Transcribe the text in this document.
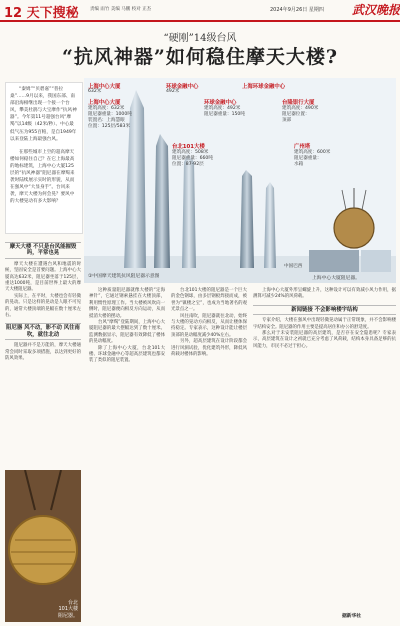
12 天下搜秘	责编 雨竹 美编 马鹏 校对 正杰	2024年9月26日 星期四 武汉晚报
“硬刚”14级台风
“抗风神器”如何稳住摩天大楼?

“秦姆”“贝碧嘉”“普拉桑”……9月以来，我国东部、南部沿海相继出现一个接一个台风，攀美杜鹃与大宝摩作“抗风神器”。今年第11号超强台风“摩羯”以14级（42米/秒）、中心最低气压为955百帕，是自1949年以来登陆上海最强台风。

在那些城市上空的超高摩天楼如何稳住自己？在它上海最高的地标建筑，上海中心大厦125层的“抗风神器”阻尼器在摩羯来袭时陆续展示实时的形貌，从而在强风中“大显身手”。台风来袭，摩天大楼为何会晃？要风中的大楼晃动有多大影响？

上海中心大厦
632米
环球金融中心
492米
上海环球金融中心
上海中心大厦
建筑高度：632米
阻尼器重量：1000吨
装置名：上海慧眼
位置：125层/583米
环球金融中心
建筑高度：492米
阻尼器重量：150吨
台隆银行大厦
建筑高度：490米
阻尼器位置：
顶部
台北101大楼
建筑高度：508米
阻尼器重量：660吨
位置：87-92层
广州塔
建筑高度：600米
阻尼器重量：
水箱
中国巴西
①中国摩天建筑抗风阻尼器示意图	上海中心大厦阻尼器。
摩天大楼 不只是台风能摧毁吗，平常也晃

摩天大楼在遭遇台风和地震的时候，坚固安全是首要问题。上海中心大厦高达632米，阻尼器坐落于125层，重达1000吨，是目前世界上最大的摩天大楼阻尼器。

实际上，在平时，大楼也会有轻微的晃动。只是这样的晃动是人眼不可见的，通常大楼顶端的晃幅在数十厘米左右。

阻尼器 风不动，影不动 风往南吹，就往北动

阻尼器并不是万能的，摩天大楼通常会同时采取多项措施，以达到更好的防风效果。

台北
101大楼
阻尼器。

这种质量阻尼器就像大楼的“定海神针”，它通过钢索悬挂在大楼顶部，利用惯性原理工作。当大楼被风吹向一侧时，阻尼器便向相反方向运动，从而抵消大楼的摆动。

台风“摩羯”登陆期间，上海中心大厦阻尼器的最大摆幅达到了数十厘米。监测数据显示，阻尼器有效降低了楼体的晃动幅度。

除了上海中心大厦，台北101大楼、环球金融中心等超高层建筑也都安装了类似的阻尼装置。

台北101大楼的阻尼器是一个巨大的金色钢球，由多层钢板焊接而成，被誉为“镇楼之宝”，也成为当地著名的观光景点之一。

风往南吹，阻尼器就往北动，始终与大楼的晃动方向相反，从而让楼体保持稳定。专家表示，这种设计能让楼层顶部的晃动幅度减少40%左右。

另外，超高层建筑在设计阶段都会进行风洞试验，优化建筑外形，降低风荷载对楼体的影响。

上海中心大厦外形呈螺旋上升，这种设计可以有效减小风力作用，据测算可减少24%的风荷载。

新闻链接 不会影响楼宇结构

专家介绍，大楼在强风中出现轻微晃动属于正常现象，并不会影响楼宇结构安全。阻尼器的作用主要是提高居住和办公的舒适度。

那么对于未安装阻尼器的高层建筑，是否存在安全隐患呢？专家表示，高层建筑在设计之初就已充分考虑了风荷载，结构本身具备足够的抗风能力，市民不必过于担心。

据新华社
